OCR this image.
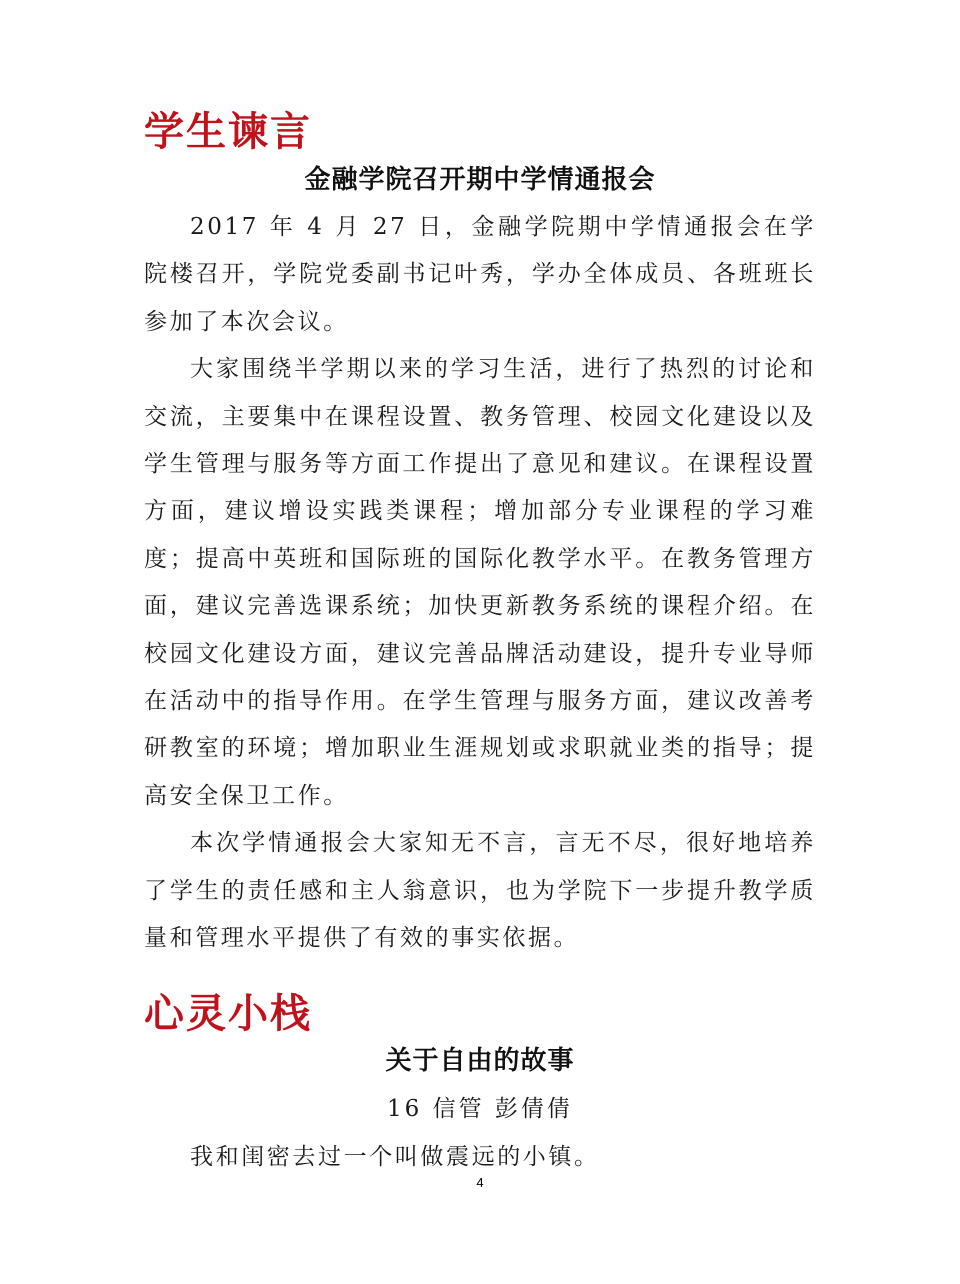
学生谏言
金融学院召开期中学情通报会

2017 年 4 月 27 日，金融学院期中学情通报会在学院楼召开，学院党委副书记叶秀，学办全体成员、各班班长参加了本次会议。

大家围绕半学期以来的学习生活，进行了热烈的讨论和交流，主要集中在课程设置、教务管理、校园文化建设以及学生管理与服务等方面工作提出了意见和建议。在课程设置方面，建议增设实践类课程；增加部分专业课程的学习难度；提高中英班和国际班的国际化教学水平。在教务管理方面，建议完善选课系统；加快更新教务系统的课程介绍。在校园文化建设方面，建议完善品牌活动建设，提升专业导师在活动中的指导作用。在学生管理与服务方面，建议改善考研教室的环境；增加职业生涯规划或求职就业类的指导；提高安全保卫工作。

本次学情通报会大家知无不言，言无不尽，很好地培养了学生的责任感和主人翁意识，也为学院下一步提升教学质量和管理水平提供了有效的事实依据。

心灵小栈
关于自由的故事
16 信管 彭倩倩
我和闺密去过一个叫做震远的小镇。
4
